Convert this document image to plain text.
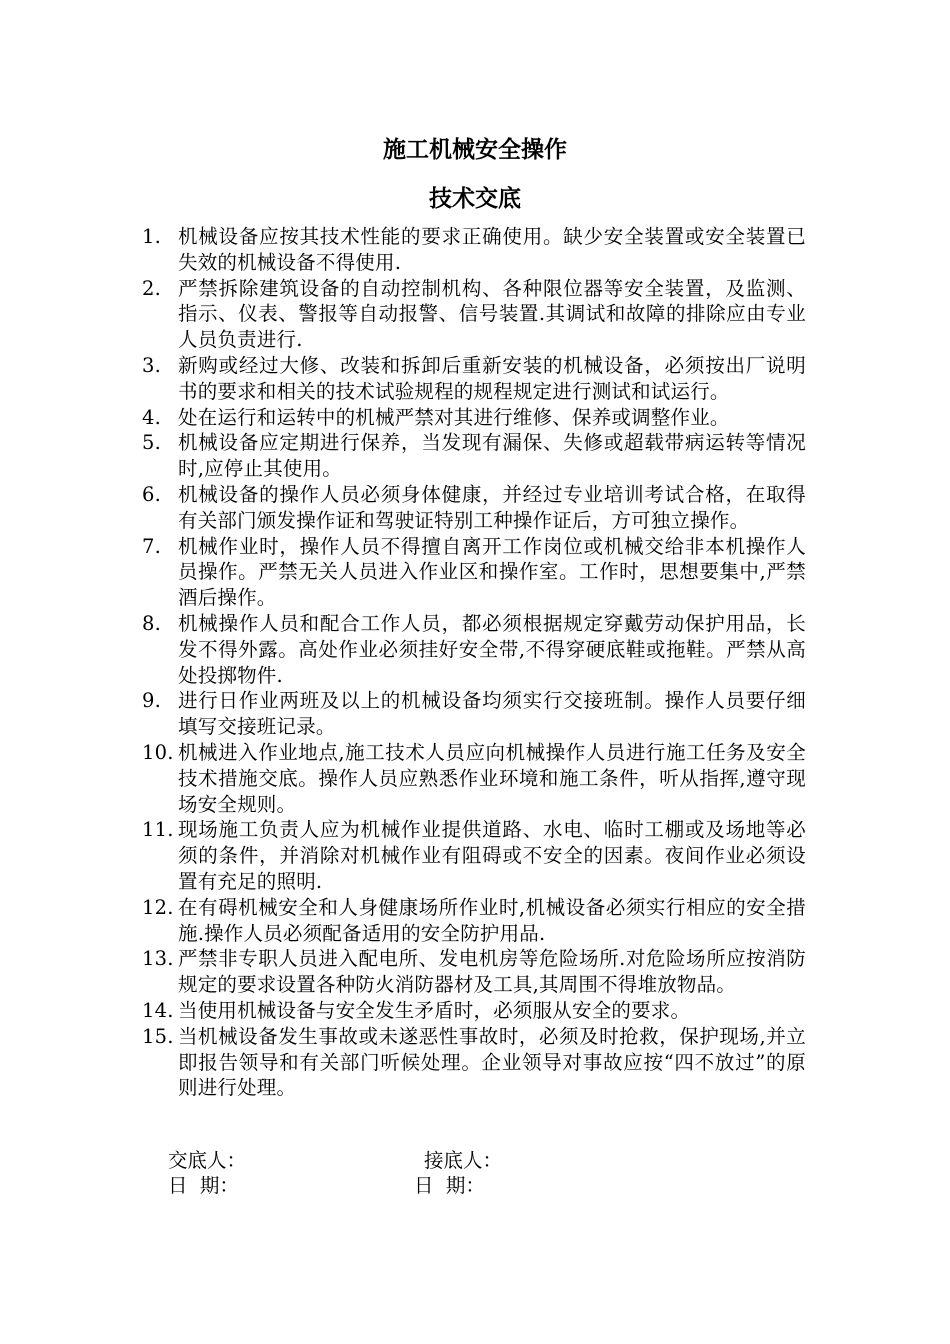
施工机械安全操作
技术交底
1. 机械设备应按其技术性能的要求正确使用。缺少安全装置或安全装置已失效的机械设备不得使用.
2. 严禁拆除建筑设备的自动控制机构、各种限位器等安全装置，及监测、指示、仪表、警报等自动报警、信号装置.其调试和故障的排除应由专业人员负责进行.
3. 新购或经过大修、改装和拆卸后重新安装的机械设备，必须按出厂说明书的要求和相关的技术试验规程的规程规定进行测试和试运行。
4. 处在运行和运转中的机械严禁对其进行维修、保养或调整作业。
5. 机械设备应定期进行保养，当发现有漏保、失修或超载带病运转等情况时,应停止其使用。
6. 机械设备的操作人员必须身体健康，并经过专业培训考试合格，在取得有关部门颁发操作证和驾驶证特别工种操作证后，方可独立操作。
7. 机械作业时，操作人员不得擅自离开工作岗位或机械交给非本机操作人员操作。严禁无关人员进入作业区和操作室。工作时，思想要集中,严禁酒后操作。
8. 机械操作人员和配合工作人员，都必须根据规定穿戴劳动保护用品，长发不得外露。高处作业必须挂好安全带,不得穿硬底鞋或拖鞋。严禁从高处投掷物件.
9. 进行日作业两班及以上的机械设备均须实行交接班制。操作人员要仔细填写交接班记录。
10. 机械进入作业地点,施工技术人员应向机械操作人员进行施工任务及安全技术措施交底。操作人员应熟悉作业环境和施工条件，听从指挥,遵守现场安全规则。
11. 现场施工负责人应为机械作业提供道路、水电、临时工棚或及场地等必须的条件，并消除对机械作业有阻碍或不安全的因素。夜间作业必须设置有充足的照明.
12. 在有碍机械安全和人身健康场所作业时,机械设备必须实行相应的安全措施.操作人员必须配备适用的安全防护用品.
13. 严禁非专职人员进入配电所、发电机房等危险场所.对危险场所应按消防规定的要求设置各种防火消防器材及工具,其周围不得堆放物品。
14. 当使用机械设备与安全发生矛盾时，必须服从安全的要求。
15. 当机械设备发生事故或未遂恶性事故时，必须及时抢救，保护现场,并立即报告领导和有关部门听候处理。企业领导对事故应按“四不放过”的原则进行处理。
交底人：	接底人：
日  期：	日  期：
